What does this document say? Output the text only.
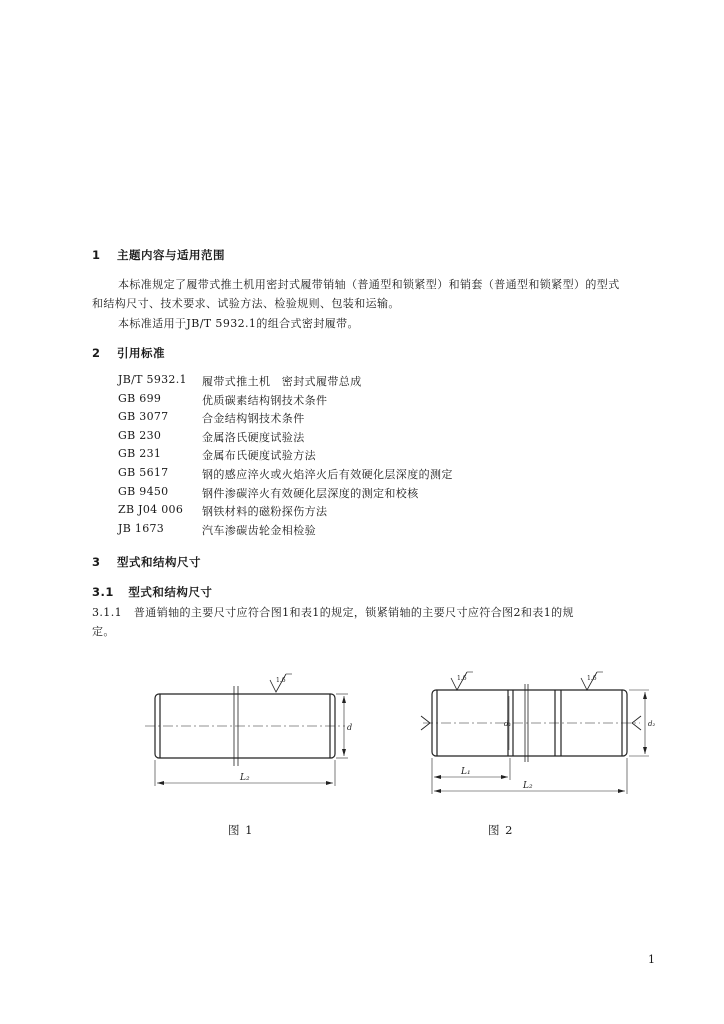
1 主题内容与适用范围
本标准规定了履带式推土机用密封式履带销轴（普通型和锁紧型）和销套（普通型和锁紧型）的型式
和结构尺寸、技术要求、试验方法、检验规则、包装和运输。
本标准适用于JB/T 5932.1的组合式密封履带。
2 引用标准
JB/T 5932.1	履带式推土机　密封式履带总成
GB 699	优质碳素结构钢技术条件
GB 3077	合金结构钢技术条件
GB 230	金属洛氏硬度试验法
GB 231	金属布氏硬度试验方法
GB 5617	钢的感应淬火或火焰淬火后有效硬化层深度的测定
GB 9450	钢件渗碳淬火有效硬化层深度的测定和校核
ZB J04 006	钢铁材料的磁粉探伤方法
JB 1673	汽车渗碳齿轮金相检验
3 型式和结构尺寸
3.1 型式和结构尺寸
3.1.1 普通销轴的主要尺寸应符合图1和表1的规定，锁紧销轴的主要尺寸应符合图2和表1的规
定。
L₂
d
1.6
L₁
L₂
d₁	d₂
1.6	1.6
图 1	图 2
1
